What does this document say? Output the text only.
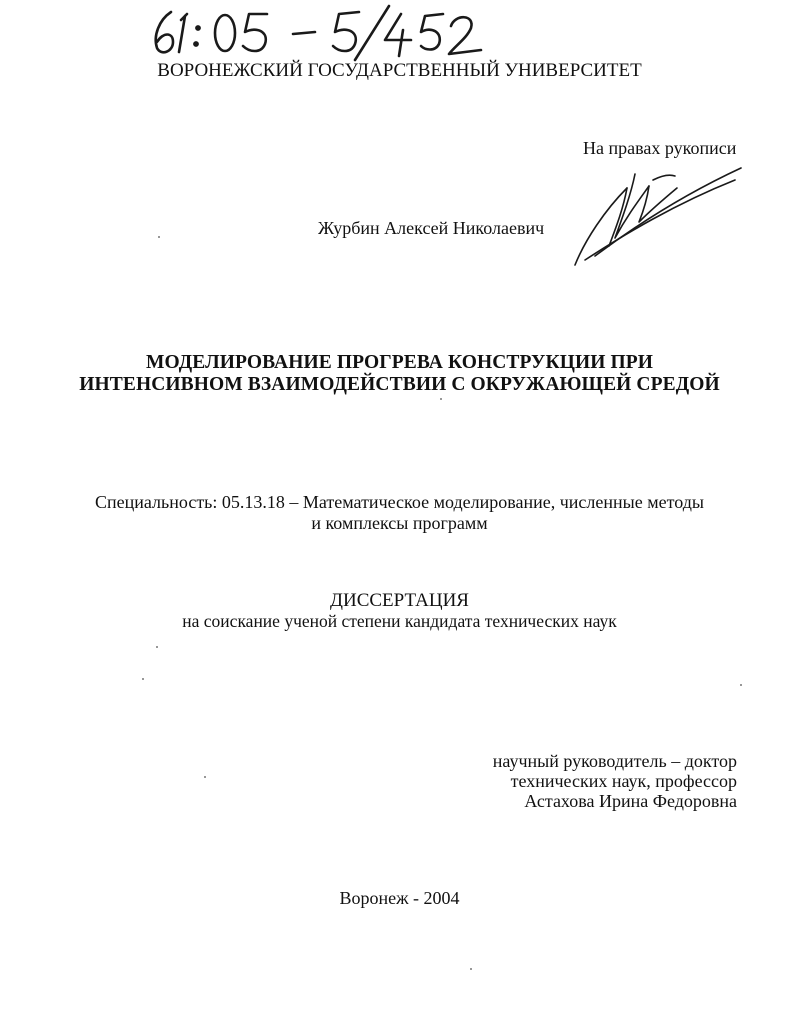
ВОРОНЕЖСКИЙ ГОСУДАРСТВЕННЫЙ УНИВЕРСИТЕТ
На правах рукописи
Журбин Алексей Николаевич
МОДЕЛИРОВАНИЕ ПРОГРЕВА КОНСТРУКЦИИ ПРИ
ИНТЕНСИВНОМ ВЗАИМОДЕЙСТВИИ С ОКРУЖАЮЩЕЙ СРЕДОЙ
Специальность: 05.13.18 – Математическое моделирование, численные методы
и комплексы программ
ДИССЕРТАЦИЯ
на соискание ученой степени кандидата технических наук
научный руководитель – доктор
технических наук, профессор
Астахова Ирина Федоровна
Воронеж - 2004
